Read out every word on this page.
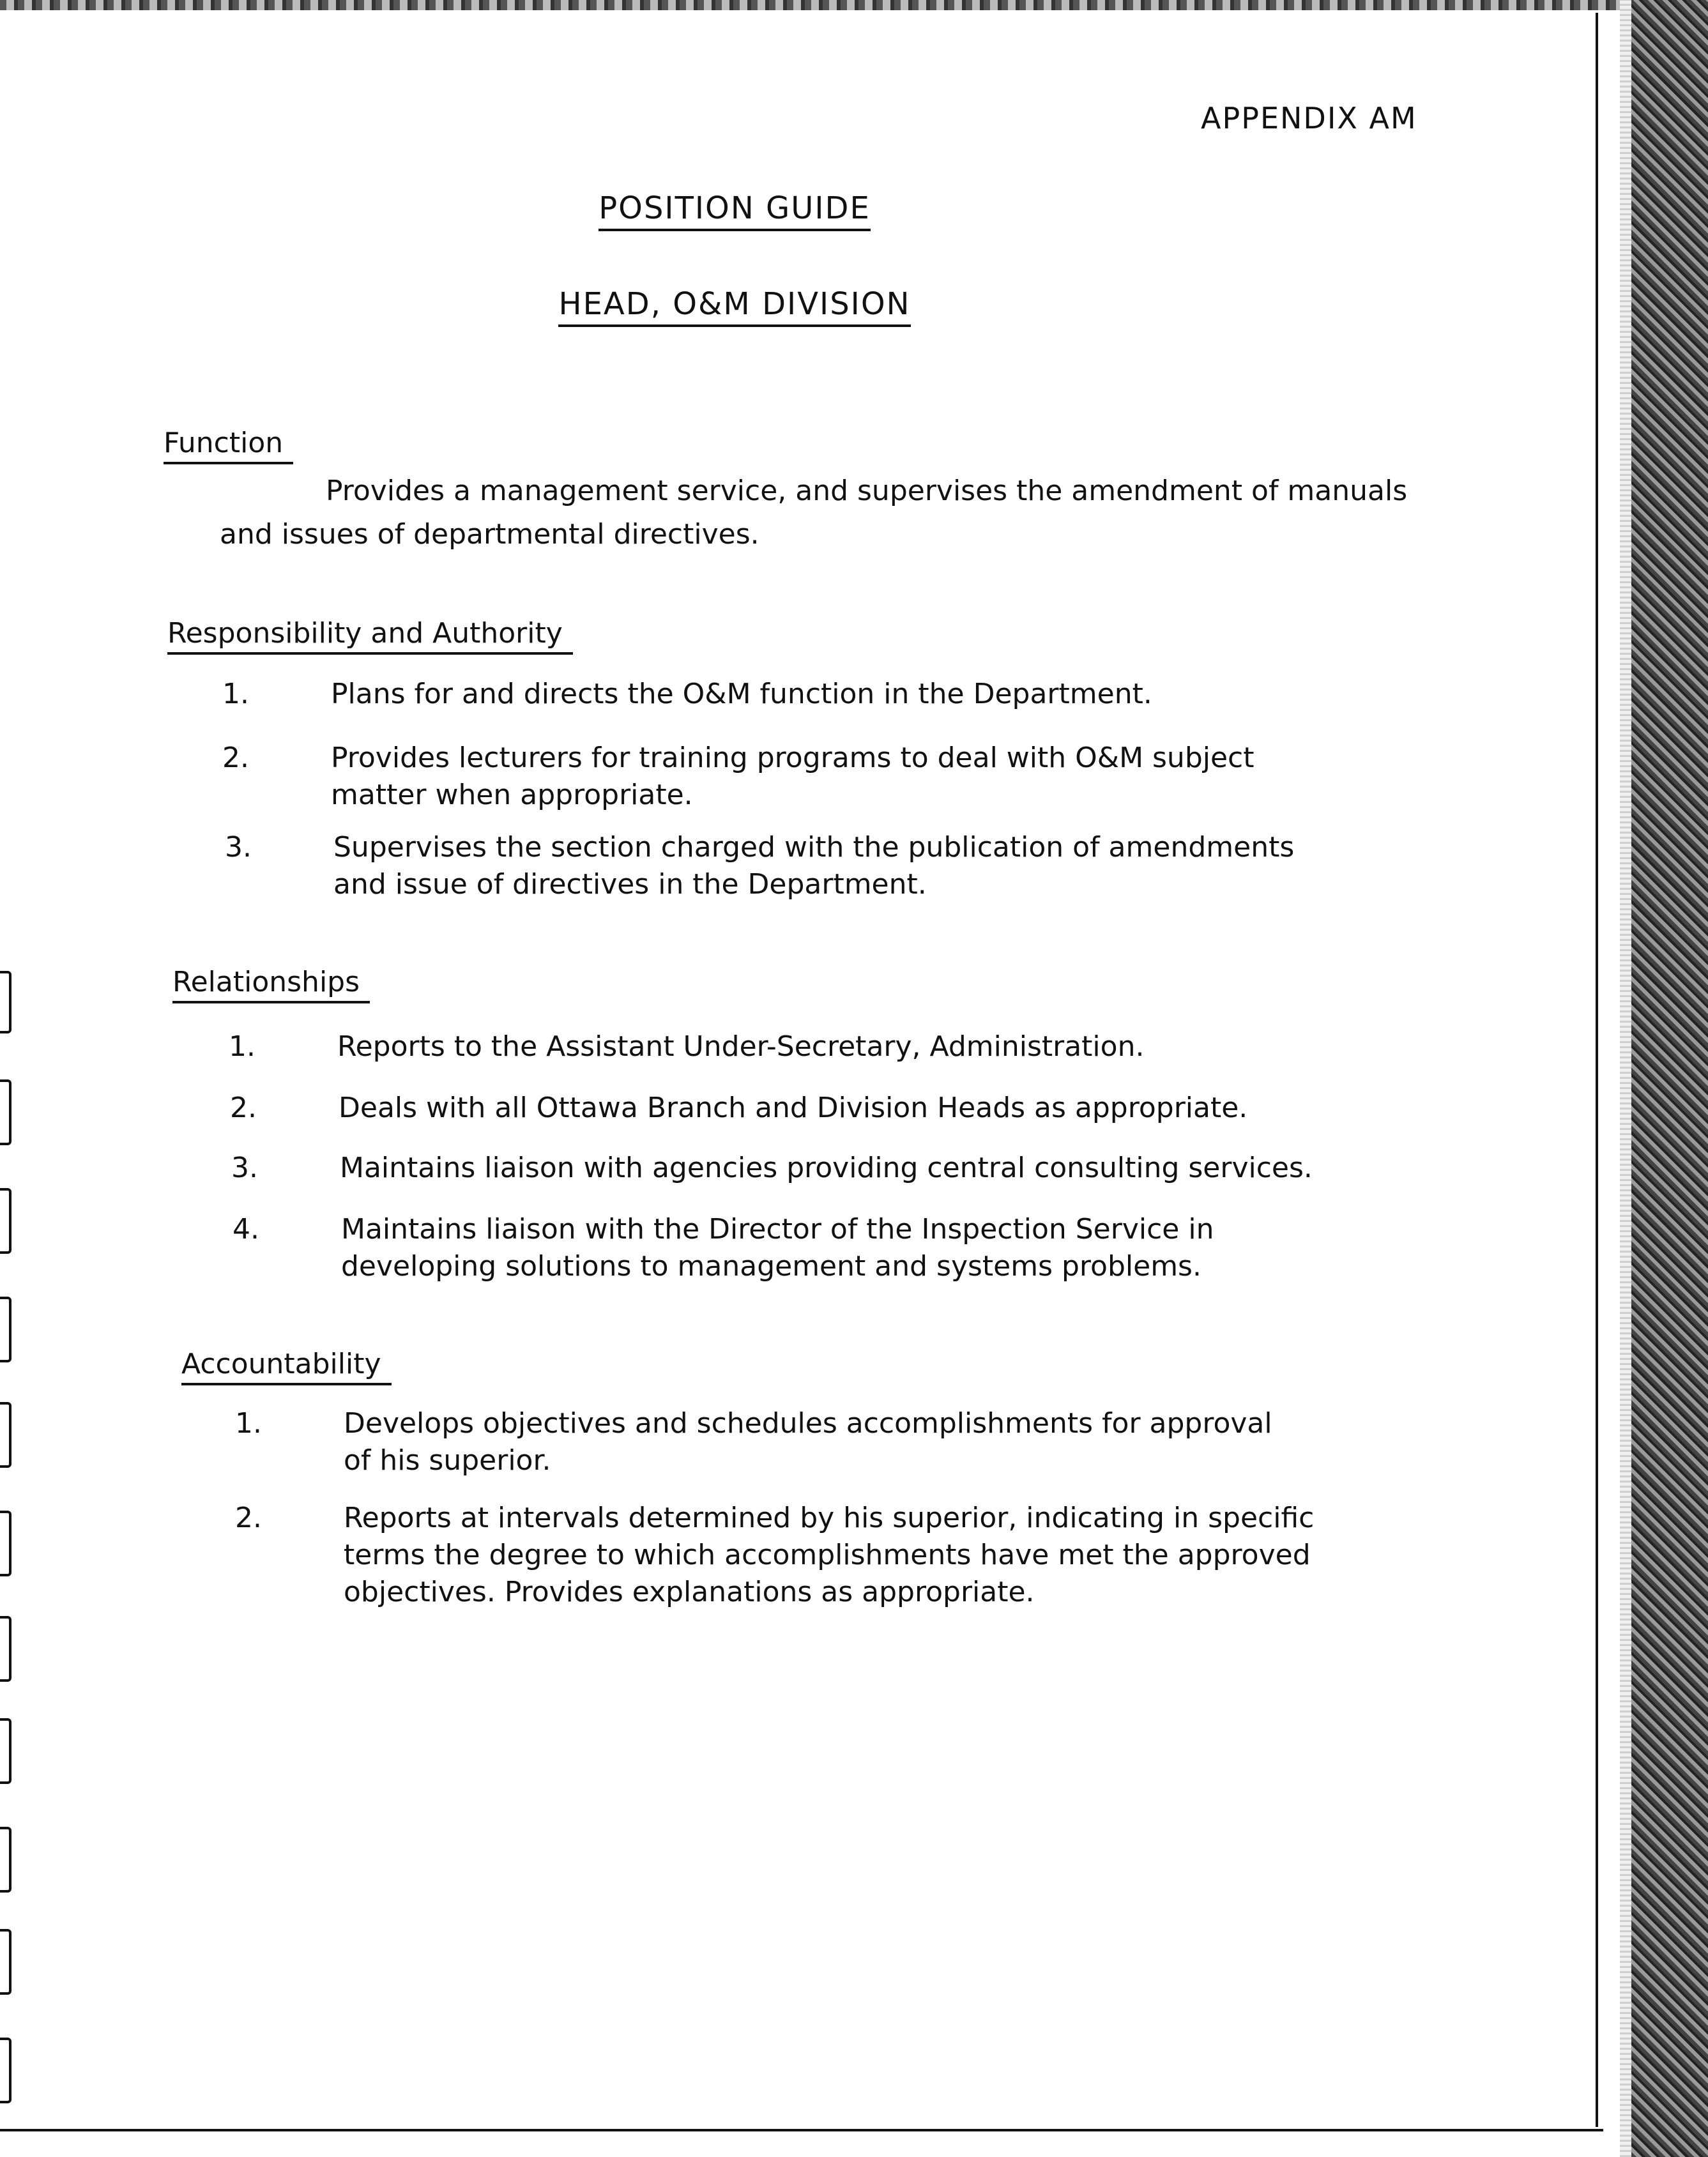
APPENDIX AM
POSITION GUIDE
HEAD, O&M DIVISION
Function
Provides a management service, and supervises the amendment of manuals
and issues of departmental directives.
Responsibility and Authority
1.	Plans for and directs the O&M function in the Department.
2.	Provides lecturers for training programs to deal with O&M subject
matter when appropriate.
3.	Supervises the section charged with the publication of amendments
and issue of directives in the Department.
Relationships
1.	Reports to the Assistant Under-Secretary, Administration.
2.	Deals with all Ottawa Branch and Division Heads as appropriate.
3.	Maintains liaison with agencies providing central consulting services.
4.	Maintains liaison with the Director of the Inspection Service in
developing solutions to management and systems problems.
Accountability
1.	Develops objectives and schedules accomplishments for approval
of his superior.
2.	Reports at intervals determined by his superior, indicating in specific
terms the degree to which accomplishments have met the approved
objectives. Provides explanations as appropriate.
